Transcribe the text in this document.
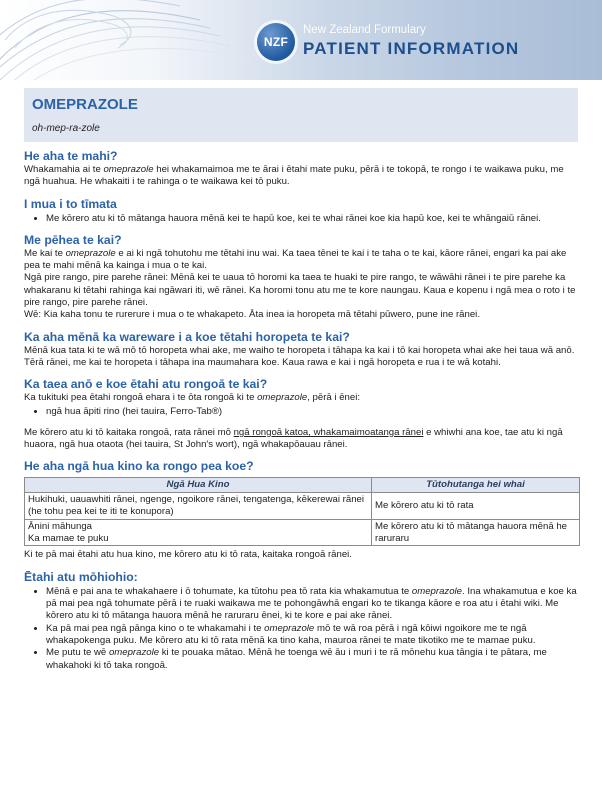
NZF
New Zealand Formulary
PATIENT INFORMATION
OMEPRAZOLE
oh-mep-ra-zole
He aha te mahi?

Whakamahia ai te omeprazole hei whakamaimoa me te ārai i ētahi mate puku, pērā i te tokopā, te rongo i te waikawa puku, me ngā huahua. He whakaiti i te rahinga o te waikawa kei tō puku.

I mua i to tīmata
• Me kōrero atu ki tō mātanga hauora mēnā kei te hapū koe, kei te whai rānei koe kia hapū koe, kei te whāngaiū rānei.
Me pēhea te kai?

Me kai te omeprazole e ai ki ngā tohutohu me tētahi inu wai. Ka taea tēnei te kai i te taha o te kai, kāore rānei, engari ka pai ake pea te mahi mēnā ka kainga i mua o te kai.

Ngā pire rango, pire parehe rānei: Mēnā kei te uaua tō horomi ka taea te huaki te pire rango, te wāwāhi rānei i te pire parehe ka whakaranu ki tētahi rahinga kai ngāwari iti, wē rānei. Ka horomi tonu atu me te kore naungau. Kaua e kopenu i ngā mea o roto i te pire rango, pire parehe rānei.

Wē: Kia kaha tonu te rurerure i mua o te whakapeto. Āta inea ia horopeta mā tētahi pūwero, pune ine rānei.

Ka aha mēnā ka wareware i a koe tētahi horopeta te kai?

Mēnā kua tata ki te wā mō tō horopeta whai ake, me waiho te horopeta i tāhapa ka kai i tō kai horopeta whai ake hei taua wā anō. Tērā rānei, me kai te horopeta i tāhapa ina maumahara koe. Kaua rawa e kai i ngā horopeta e rua i te wā kotahi.

Ka taea anō e koe ētahi atu rongoā te kai?

Ka tukituki pea ētahi rongoā ehara i te ōta rongoā ki te omeprazole, pērā i ēnei:

• ngā hua āpiti rino (hei tauira, Ferro-Tab®)

Me kōrero atu ki tō kaitaka rongoā, rata rānei mō ngā rongoā katoa, whakamaimoatanga rānei e whiwhi ana koe, tae atu ki ngā huaora, ngā hua otaota (hei tauira, St John's wort), ngā whakapōauau rānei.

He aha ngā hua kino ka rongo pea koe?
Ngā Hua Kino	Tūtohutanga hei whai
Hukihuki, uauawhiti rānei, ngenge, ngoikore rānei, tengatenga, kēkerewai rānei (he tohu pea kei te iti te konupora)	Me kōrero atu ki tō rata
Ānini māhunga
Ka mamae te puku	Me kōrero atu ki tō mātanga hauora mēnā he raruraru

Ki te pā mai ētahi atu hua kino, me kōrero atu ki tō rata, kaitaka rongoā rānei.

Ētahi atu mōhiohio:
• Mēnā e pai ana te whakahaere i ō tohumate, ka tūtohu pea tō rata kia whakamutua te omeprazole. Ina whakamutua e koe ka pā mai pea ngā tohumate pērā i te ruaki waikawa me te pohongāwhā engari ko te tikanga kāore e roa atu i ētahi wiki. Me kōrero atu ki tō mātanga hauora mēnā he raruraru ēnei, ki te kore e pai ake rānei.
• Ka pā mai pea ngā pānga kino o te whakamahi i te omeprazole mō te wā roa pērā i ngā kōiwi ngoikore me te ngā whakapokenga puku. Me kōrero atu ki tō rata mēnā ka tino kaha, mauroa rānei te mate tikotiko me te mamae puku.
• Me putu te wē omeprazole ki te pouaka mātao. Mēnā he toenga wē āu i muri i te rā mōnehu kua tāngia i te pātara, me whakahoki ki tō taka rongoā.
